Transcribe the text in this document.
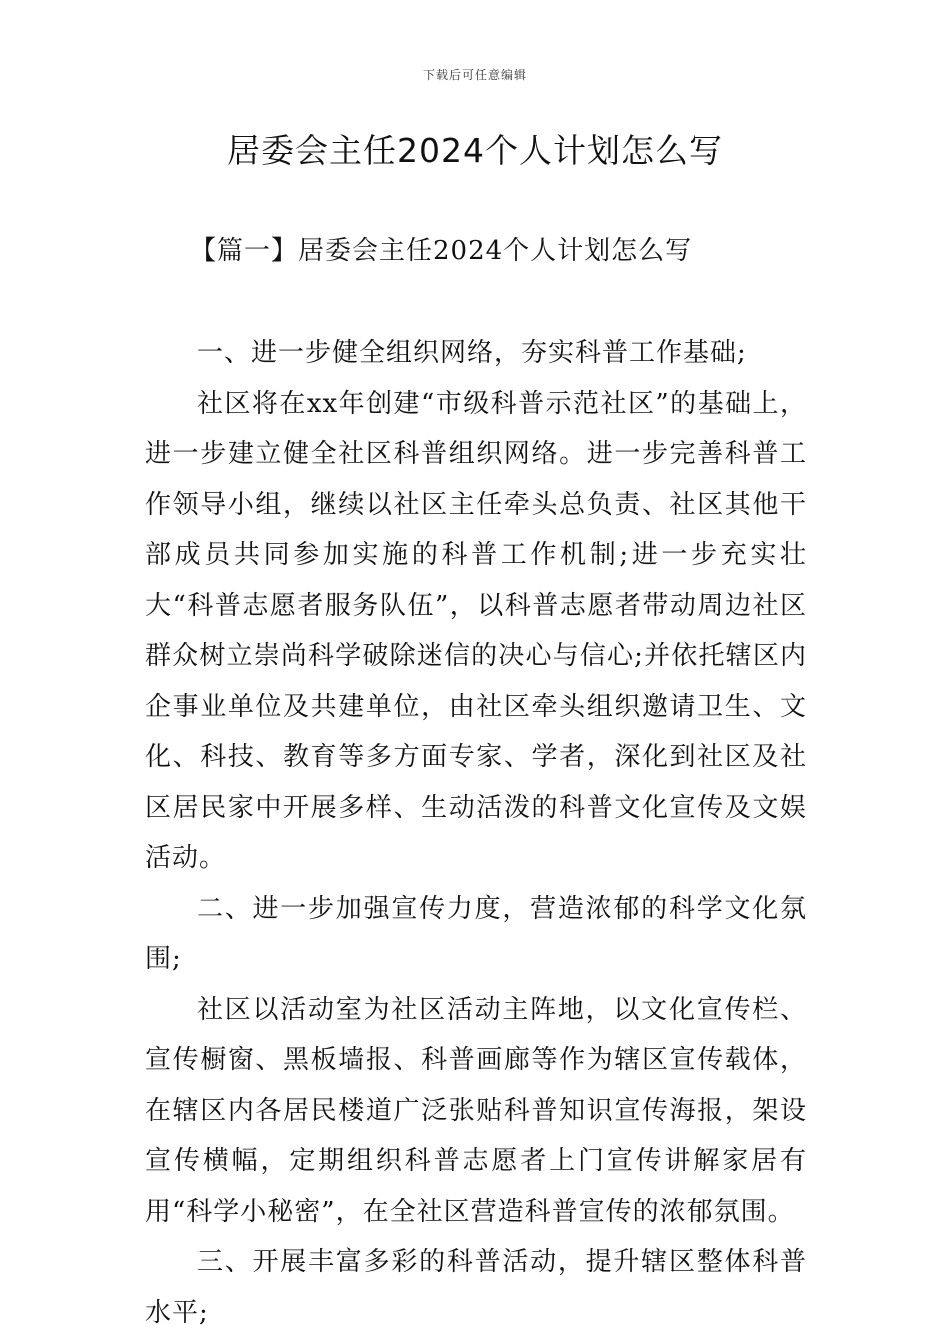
下载后可任意编辑
居委会主任2024个人计划怎么写
【篇一】居委会主任2024个人计划怎么写

一、进一步健全组织网络，夯实科普工作基础;

社区将在xx年创建“市级科普示范社区”的基础上，进一步建立健全社区科普组织网络。进一步完善科普工作领导小组，继续以社区主任牵头总负责、社区其他干部成员共同参加实施的科普工作机制;进一步充实壮大“科普志愿者服务队伍”，以科普志愿者带动周边社区群众树立崇尚科学破除迷信的决心与信心;并依托辖区内企事业单位及共建单位，由社区牵头组织邀请卫生、文化、科技、教育等多方面专家、学者，深化到社区及社区居民家中开展多样、生动活泼的科普文化宣传及文娱活动。

二、进一步加强宣传力度，营造浓郁的科学文化氛围;

社区以活动室为社区活动主阵地，以文化宣传栏、宣传橱窗、黑板墙报、科普画廊等作为辖区宣传载体，在辖区内各居民楼道广泛张贴科普知识宣传海报，架设宣传横幅，定期组织科普志愿者上门宣传讲解家居有用“科学小秘密”，在全社区营造科普宣传的浓郁氛围。

三、开展丰富多彩的科普活动，提升辖区整体科普水平;
